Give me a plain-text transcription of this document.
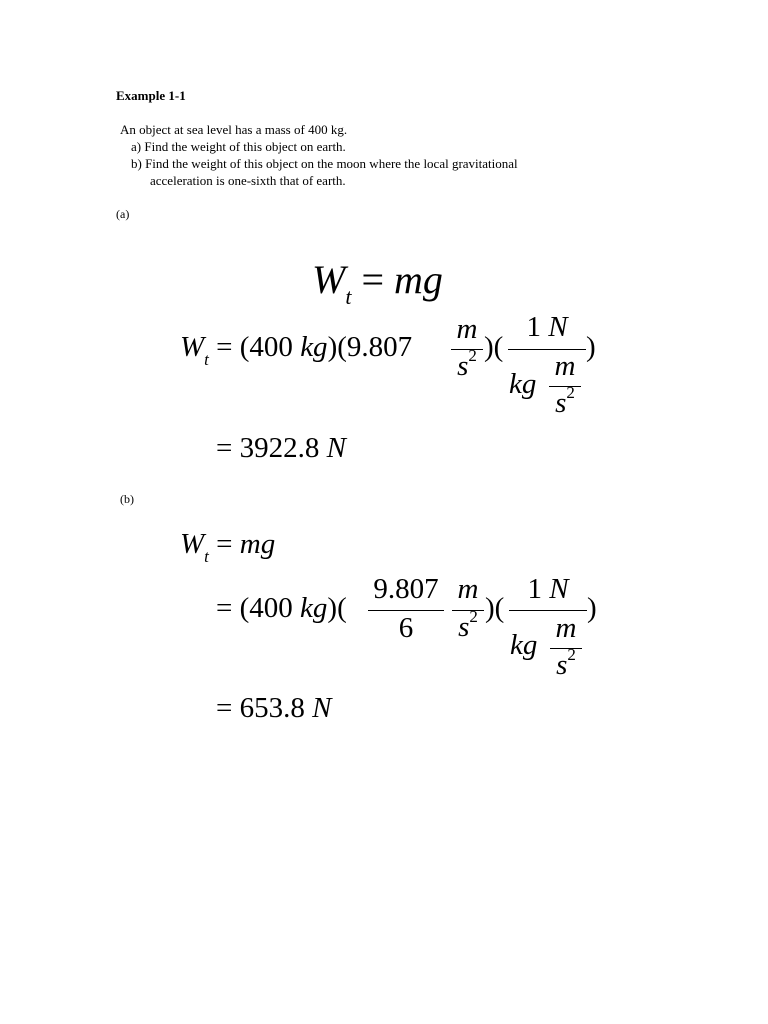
Example 1-1
An object at sea level has a mass of 400 kg.
a) Find the weight of this object on earth.
b) Find the weight of this object on the moon where the local gravitational
acceleration is one-sixth that of earth.
(a)
$W_t$ = mg
$W_t = (400$ kg)(9.807
m
$s^2$ )(
1 N
kg
m
$s^2$
)
= 3922.8 N
(b)
$W_t$ = mg
= (400 kg)(
9.807
6
m
$s^2$ )(
1 N
kg
m
$s^2$
)
= 653.8 N
